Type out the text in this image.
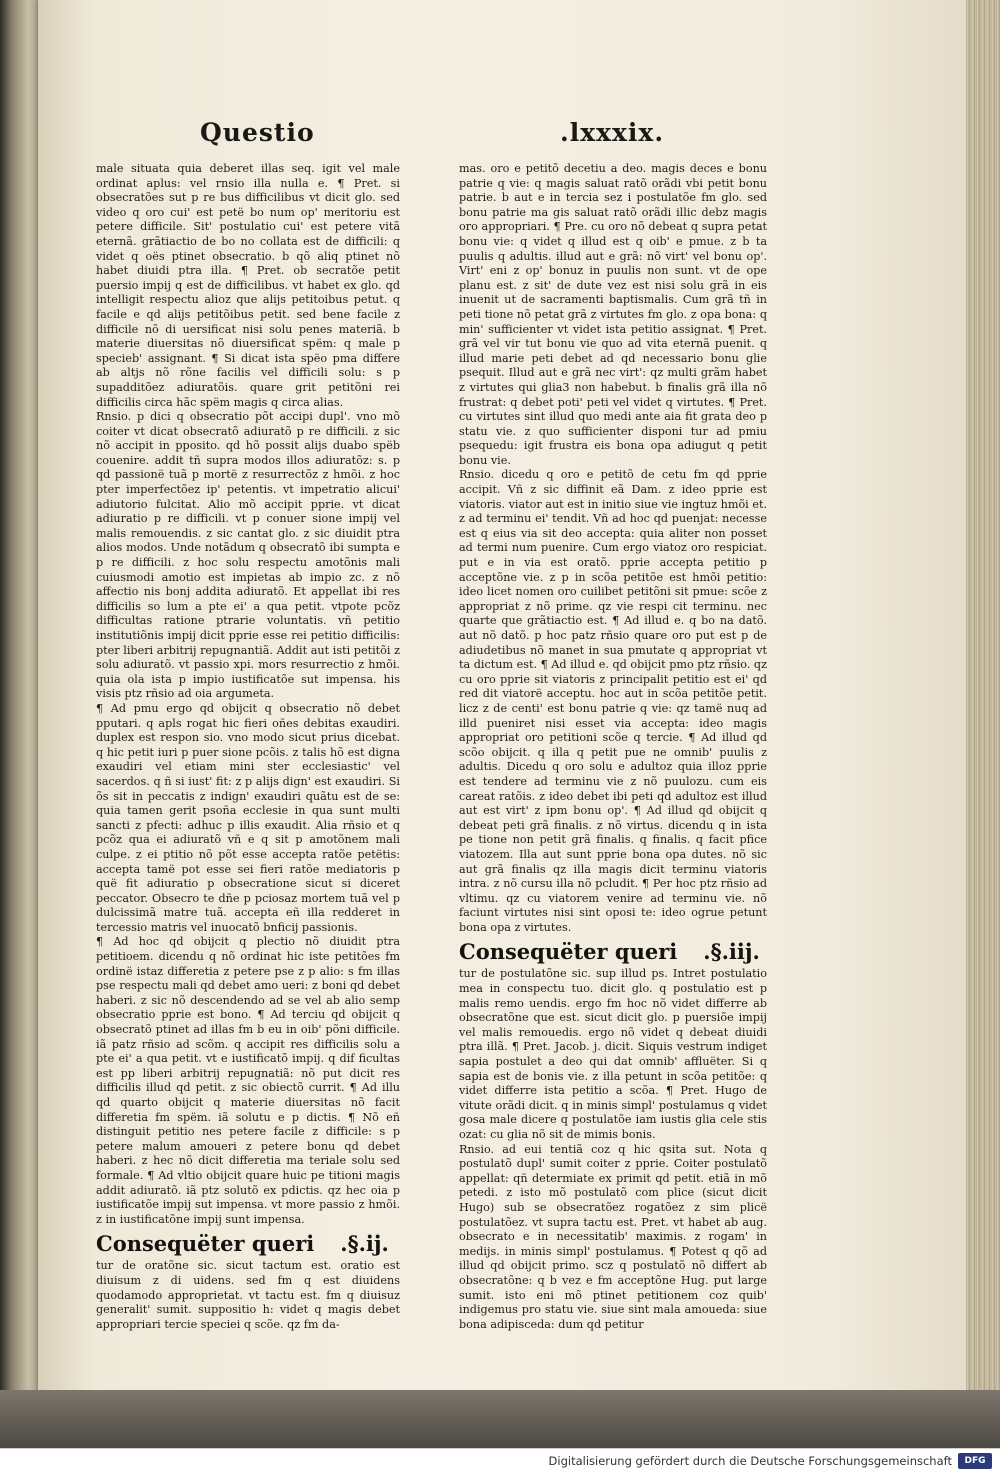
Questio	.lxxxix.

male situata quia deberet illas seq. igit vel male ordinat aplus: vel rnsio illa nulla e. ¶ Pret. si obsecratões sut p re bus difficilibus vt dicit glo. sed video q oro cui' est petë bo num op' meritoriu est petere difficile. Sit' postulatio cui' est petere vitã eternã. grãtiactio de bo no collata est de difficili: q videt q oës ptinet obsecratio. b qõ aliq ptinet nõ habet diuidi ptra illa. ¶ Pret. ob secratõe petit puersio impij q est de difficilibus. vt habet ex glo. qd intelligit respectu alioz que alijs petitoibus petut. q facile e qd alijs petitõibus petit. sed bene facile z difficile nõ di uersificat nisi solu penes materiã. b materie diuersitas nõ diuersificat spëm: q male p specieb' assignant. ¶ Si dicat ista spëo pma differe ab altjs nõ rõne facilis vel difficili solu: s p supadditõez adiuratõis. quare grit petitõni rei difficilis circa hãc spëm magis q circa alias.

Rnsio. p dici q obsecratio põt accipi dupl'. vno mõ coiter vt dicat obsecratõ adiuratõ p re difficili. z sic nõ accipit in pposito. qd hõ possit alijs duabo spëb couenire. addit tñ supra modos illos adiuratõz: s. p qd passionë tuã p mortë z resurrectõz z hmõi. z hoc pter imperfectõez ip' petentis. vt impetratio alicui' adiutorio fulcitat. Alio mõ accipit pprie. vt dicat adiuratio p re difficili. vt p conuer sione impij vel malis remouendis. z sic cantat glo. z sic diuidit ptra alios modos. Unde notãdum q obsecratõ ibi sumpta e p re difficili. z hoc solu respectu amotõnis mali cuiusmodi amotio est impietas ab impio zc. z nõ affectio nis bonj addita adiuratõ. Et appellat ibi res difficilis so lum a pte ei' a qua petit. vtpote pcõz difficultas ratione ptrarie voluntatis. vñ petitio institutiõnis impij dicit pprie esse rei petitio difficilis: pter liberi arbitrij repugnantiã. Addit aut isti petitõi z solu adiuratõ. vt passio xpi. mors resurrectio z hmõi. quia ola ista p impio iustificatõe sut impensa. his visis ptz rñsio ad oia argumeta.

¶ Ad pmu ergo qd obijcit q obsecratio nõ debet pputari. q apls rogat hic fieri oñes debitas exaudiri. duplex est respon sio. vno modo sicut prius dicebat. q hic petit iuri p puer sione pcõis. z talis hõ est digna exaudiri vel etiam mini ster ecclesiastic' vel sacerdos. q ñ si iust' fit: z p alijs dign' est exaudiri. Si õs sit in peccatis z indign' exaudiri quãtu est de se: quia tamen gerit psoña ecclesie in qua sunt multi sancti z pfecti: adhuc p illis exaudit. Alia rñsio et q pcõz qua ei adiuratõ vñ e q sit p amotõnem mali culpe. z ei ptitio nõ põt esse accepta ratõe petëtis: accepta tamë pot esse sei fieri ratõe mediatoris p quë fit adiuratio p obsecratione sicut si diceret peccator. Obsecro te dñe p pciosaz mortem tuã vel p dulcissimã matre tuã. accepta eñ illa redderet in tercessio matris vel inuocatõ bnficij passionis.

¶ Ad hoc qd obijcit q plectio nõ diuidit ptra petitioem. dicendu q nõ ordinat hic iste petitões fm ordinë istaz differetia z petere pse z p alio: s fm illas pse respectu mali qd debet amo ueri: z boni qd debet haberi. z sic nõ descendendo ad se vel ab alio semp obsecratio pprie est bono. ¶ Ad terciu qd obijcit q obsecratõ ptinet ad illas fm b eu in oib' põni difficile. iã patz rñsio ad scõm. q accipit res difficilis solu a pte ei' a qua petit. vt e iustificatõ impij. q dif ficultas est pp liberi arbitrij repugnatiã: nõ put dicit res difficilis illud qd petit. z sic obiectõ currit. ¶ Ad illu qd quarto obijcit q materie diuersitas nõ facit differetia fm spëm. iã solutu e p dictis. ¶ Nõ eñ distinguit petitio nes petere facile z difficile: s p petere malum amoueri z petere bonu qd debet haberi. z hec nõ dicit differetia ma teriale solu sed formale. ¶ Ad vltio obijcit quare huic pe titioni magis addit adiuratõ. iã ptz solutõ ex pdictis. qz hec oia p iustificatõe impij sut impensa. vt more passio z hmõi. z in iustificatõne impij sunt impensa.

Consequëter queri .§.ij.

tur de oratõne sic. sicut tactum est. oratio est diuisum z di uidens. sed fm q est diuidens quodamodo approprietat. vt tactu est. fm q diuisuz generalit' sumit. suppositio h: videt q magis debet appropriari tercie speciei q scõe. qz fm da-

mas. oro e petitõ decetiu a deo. magis deces e bonu patrie q vie: q magis saluat ratõ orãdi vbi petit bonu patrie. b aut e in tercia sez i postulatõe fm glo. sed bonu patrie ma gis saluat ratõ orãdi illic debz magis oro appropriari. ¶ Pre. cu oro nõ debeat q supra petat bonu vie: q videt q illud est q oib' e pmue. z b ta puulis q adultis. illud aut e grã: nõ virt' vel bonu op'. Virt' eni z op' bonuz in puulis non sunt. vt de ope planu est. z sit' de dute vez est nisi solu grã in eis inuenit ut de sacramenti baptismalis. Cum grã tñ in peti tione nõ petat grã z virtutes fm glo. z opa bona: q min' sufficienter vt videt ista petitio assignat. ¶ Pret. grã vel vir tut bonu vie quo ad vita eternã puenit. q illud marie peti debet ad qd necessario bonu glie psequit. Illud aut e grã nec virt': qz multi grãm habet z virtutes qui glia3 non habebut. b finalis grã illa nõ frustrat: q debet poti' peti vel videt q virtutes. ¶ Pret. cu virtutes sint illud quo medi ante aia fit grata deo p statu vie. z quo sufficienter disponi tur ad pmiu psequedu: igit frustra eis bona opa adiugut q petit bonu vie.

Rnsio. dicedu q oro e petitõ de cetu fm qd pprie accipit. Vñ z sic diffinit eã Dam. z ideo pprie est viatoris. viator aut est in initio siue vie ingtuz hmõi et. z ad terminu ei' tendit. Vñ ad hoc qd puenjat: necesse est q eius via sit deo accepta: quia aliter non posset ad termi num puenire. Cum ergo viatoz oro respiciat. put e in via est oratõ. pprie accepta petitio p acceptõne vie. z p in scõa petitõe est hmõi petitio: ideo licet nomen oro cuilibet petitõni sit pmue: scõe z appropriat z nõ prime. qz vie respi cit terminu. nec quarte que grãtiactio est. ¶ Ad illud e. q bo na datõ. aut nõ datõ. p hoc patz rñsio quare oro put est p de adiudetibus nõ manet in sua pmutate q appropriat vt ta dictum est. ¶ Ad illud e. qd obijcit pmo ptz rñsio. qz cu oro pprie sit viatoris z principalit petitio est ei' qd red dit viatorë acceptu. hoc aut in scõa petitõe petit. licz z de centi' est bonu patrie q vie: qz tamë nuq ad illd pueniret nisi esset via accepta: ideo magis appropriat oro petitioni scõe q tercie. ¶ Ad illud qd scõo obijcit. q illa q petit pue ne omnib' puulis z adultis. Dicedu q oro solu e adultoz quia illoz pprie est tendere ad terminu vie z nõ puulozu. cum eis careat ratõis. z ideo debet ibi peti qd adultoz est illud aut est virt' z ipm bonu op'. ¶ Ad illud qd obijcit q debeat peti grã finalis. z nõ virtus. dicendu q in ista pe tione non petit grã finalis. q finalis. q facit pfice viatozem. Illa aut sunt pprie bona opa dutes. nõ sic aut grã finalis qz illa magis dicit terminu viatoris intra. z nõ cursu illa nõ pcludit. ¶ Per hoc ptz rñsio ad vltimu. qz cu viatorem venire ad terminu vie. nõ faciunt virtutes nisi sint oposi te: ideo ogrue petunt bona opa z virtutes.

Consequëter queri .§.iij.

tur de postulatõne sic. sup illud ps. Intret postulatio mea in conspectu tuo. dicit glo. q postulatio est p malis remo uendis. ergo fm hoc nõ videt differre ab obsecratõne que est. sicut dicit glo. p puersiõe impij vel malis remouedis. ergo nõ videt q debeat diuidi ptra illã. ¶ Pret. Jacob. j. dicit. Siquis vestrum indiget sapia postulet a deo qui dat omnib' affluëter. Si q sapia est de bonis vie. z illa petunt in scõa petitõe: q videt differre ista petitio a scõa. ¶ Pret. Hugo de vitute orãdi dicit. q in minis simpl' postulamus q videt gosa male dicere q postulatõe iam iustis glia cele stis ozat: cu glia nõ sit de mimis bonis.

Rnsio. ad eui tentiã coz q hic qsita sut. Nota q postulatõ dupl' sumit coiter z pprie. Coiter postulatõ appellat: qñ determiate ex primit qd petit. etiã in mõ petedi. z isto mõ postulatõ com plice (sicut dicit Hugo) sub se obsecratõez rogatõez z sim plicë postulatõez. vt supra tactu est. Pret. vt habet ab aug. obsecrato e in necessitatib' maximis. z rogam' in medijs. in minis simpl' postulamus. ¶ Potest q qõ ad illud qd obijcit primo. scz q postulatõ nõ differt ab obsecratõne: q b vez e fm acceptõne Hug. put large sumit. isto eni mõ ptinet petitionem coz quib' indigemus pro statu vie. siue sint mala amoueda: siue bona adipisceda: dum qd petitur

Digitalisierung gefördert durch die Deutsche Forschungsgemeinschaft	DFG
